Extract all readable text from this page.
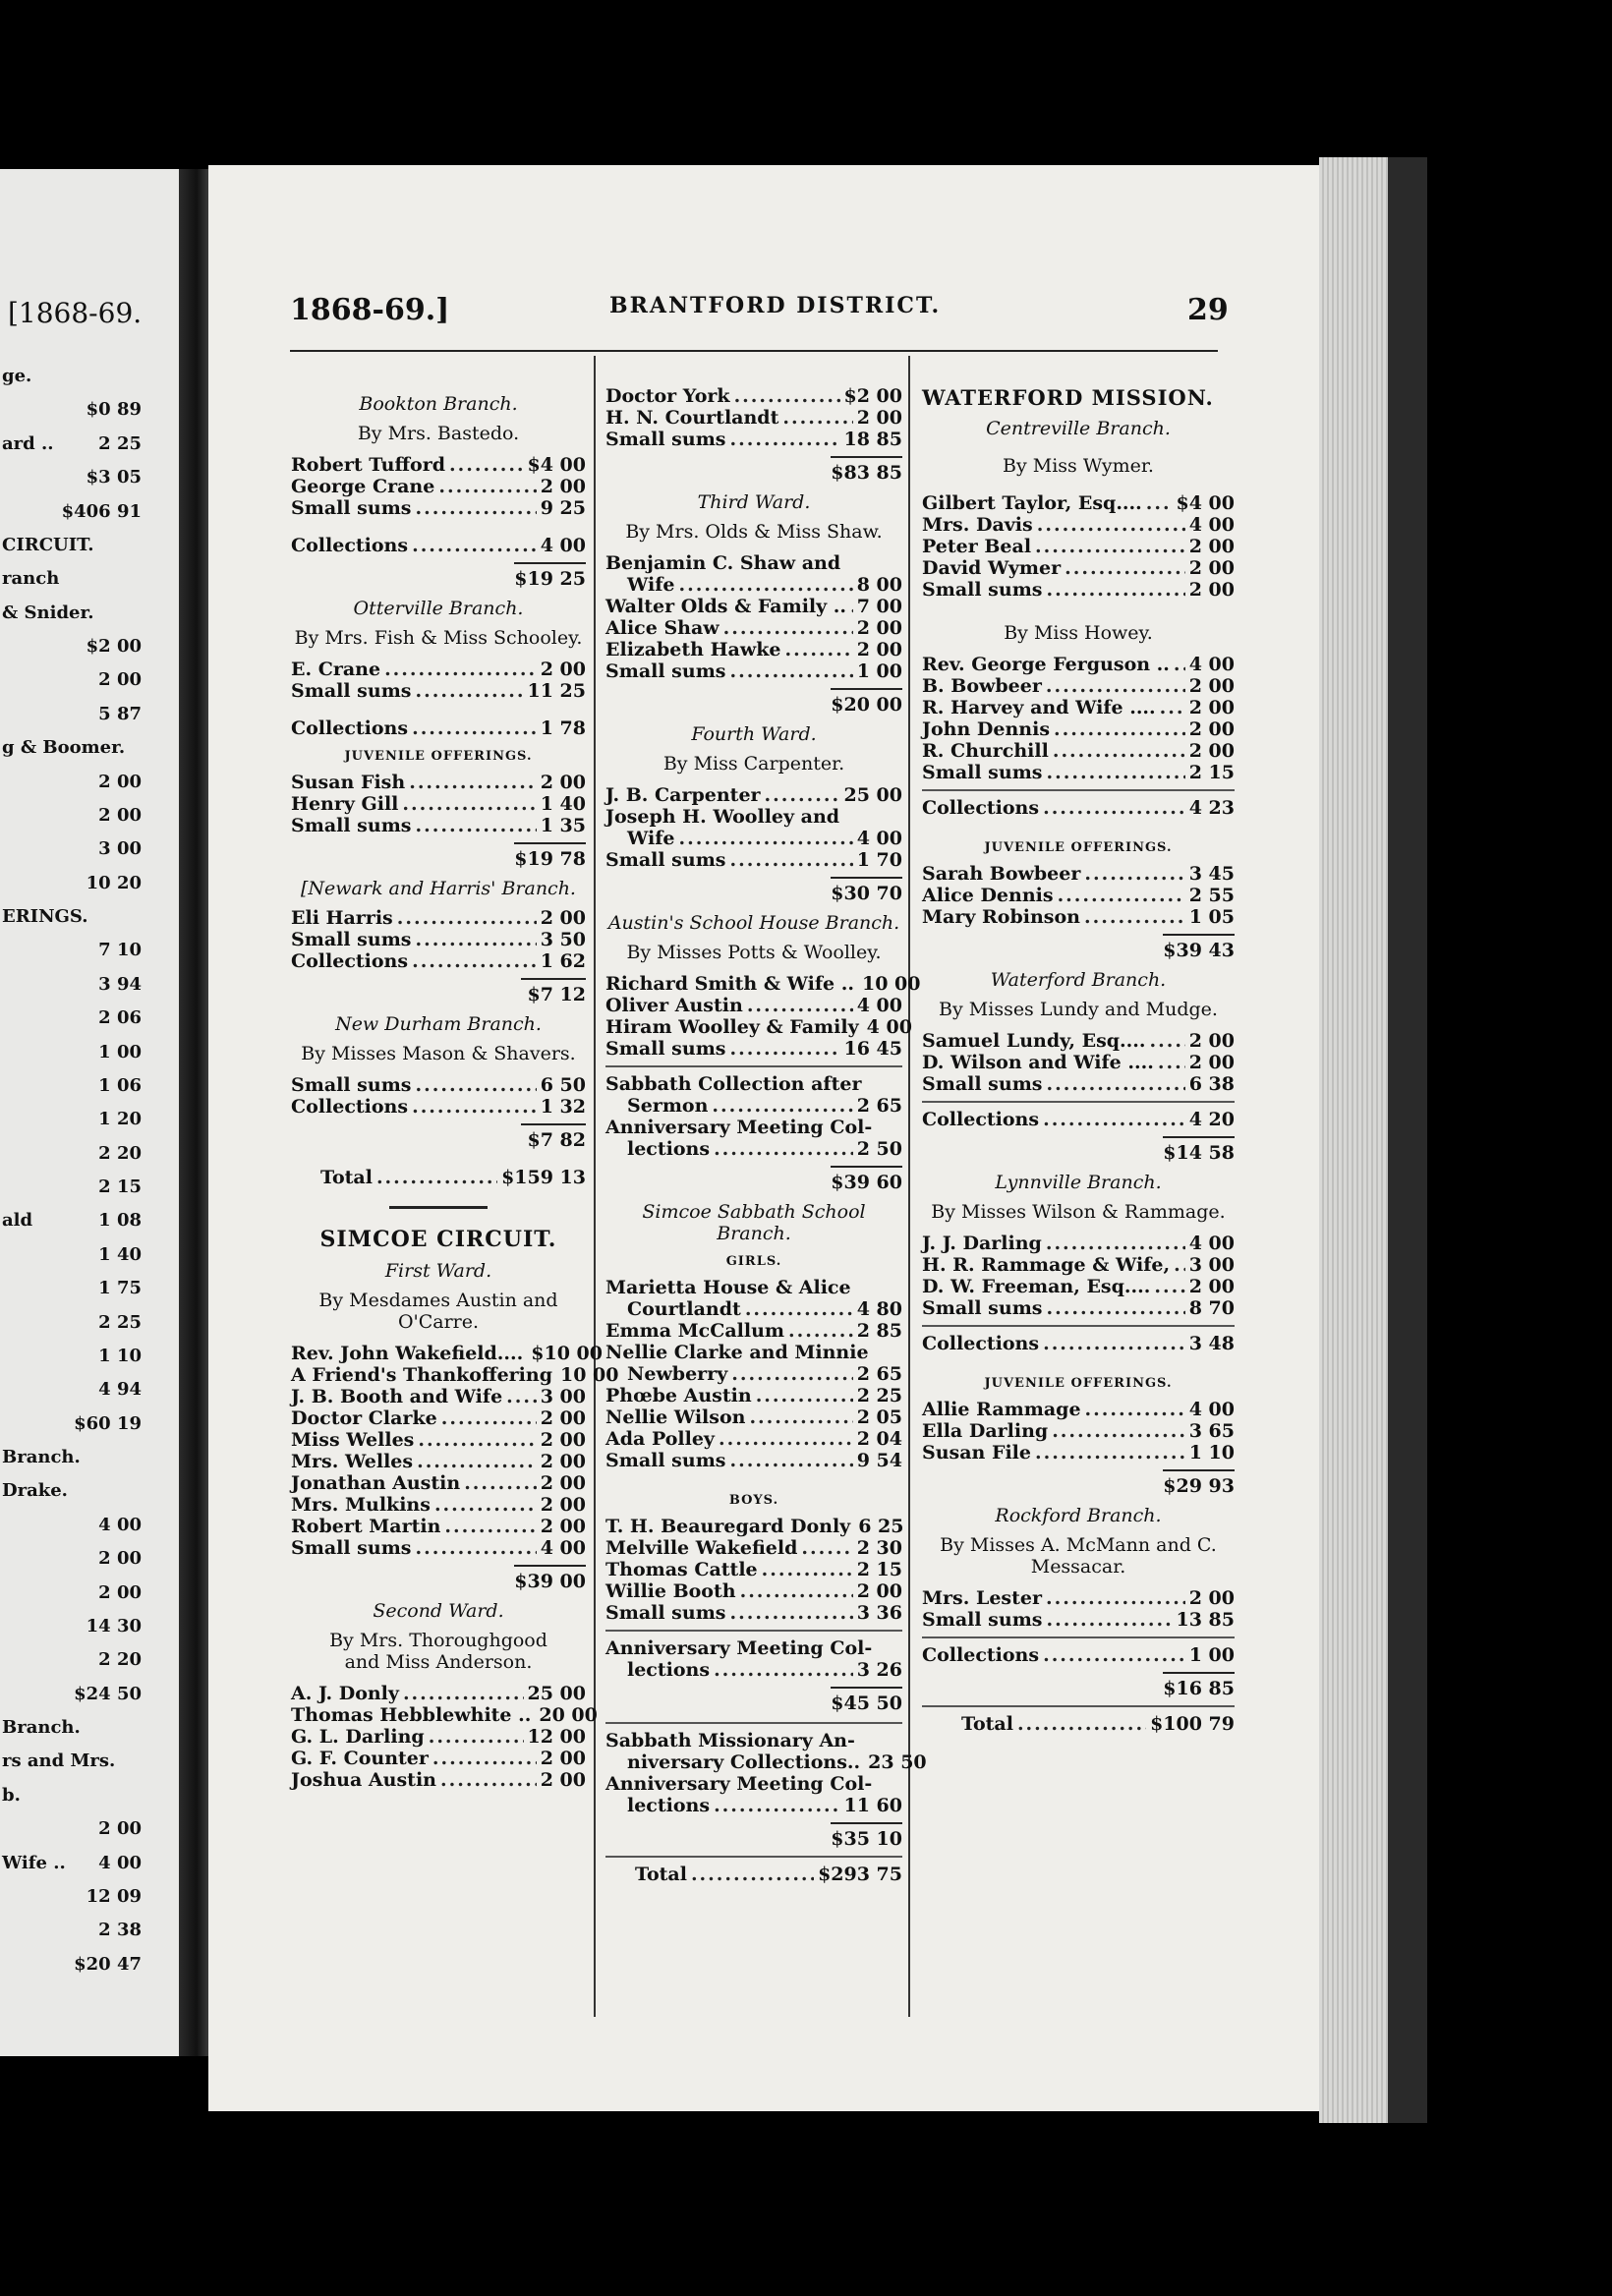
[1868-69.
ge.
$0 89
ard ..	2 25
$3 05
$406 91
CIRCUIT.
ranch
& Snider.
$2 00
2 00
5 87
g & Boomer.
2 00
2 00
3 00
10 20
ERINGS.
7 10
3 94
2 06
1 00
1 06
1 20
2 20
2 15
ald	1 08
1 40
1 75
2 25
1 10
4 94
$60 19
Branch.
Drake.
4 00
2 00
2 00
14 30
2 20
$24 50
Branch.
rs and Mrs.
b.
2 00
Wife .. 4 00
12 09
2 38
$20 47
1868-69.]	BRANTFORD DISTRICT.	29
Bookton Branch.
By Mrs. Bastedo.
Robert Tufford .....	$4 00
George Crane .....	2 00
Small sums .....	9 25
Collections .....	4 00
$19 25
Otterville Branch.
By Mrs. Fish & Miss Schooley.
E. Crane .....	2 00
Small sums .....	11 25
Collections .....	1 78
JUVENILE OFFERINGS.
Susan Fish .....	2 00
Henry Gill .....	1 40
Small sums .....	1 35
$19 78
[Newark and Harris' Branch.
Eli Harris .....	2 00
Small sums .....	3 50
Collections .....	1 62
$7 12
New Durham Branch.
By Misses Mason & Shavers.
Small sums .....	6 50
Collections .....	1 32
$7 82
Total .....	$159 13
SIMCOE CIRCUIT.
First Ward.
By Mesdames Austin and O'Carre.
Rev. John Wakefield.... $10 00
A Friend's Thankoffering 10 00
J. B. Booth and Wife ..... 3 00
Doctor Clarke .....	2 00
Miss Welles .....	2 00
Mrs. Welles .....	2 00
Jonathan Austin .....	2 00
Mrs. Mulkins .....	2 00
Robert Martin .....	2 00
Small sums .....	4 00
$39 00
Second Ward.
By Mrs. Thoroughgood and Miss Anderson.
A. J. Donly .....	25 00
Thomas Hebblewhite .. 20 00
G. L. Darling .....	12 00
G. F. Counter .....	2 00
Joshua Austin .....	2 00
Doctor York .....	$2 00
H. N. Courtlandt .....	2 00
Small sums .....	18 85
$83 85
Third Ward.
By Mrs. Olds & Miss Shaw.
Benjamin C. Shaw and
Wife .....	8 00
Walter Olds & Family .. ..... 7 00
Alice Shaw .....	2 00
Elizabeth Hawke .....	2 00
Small sums .....	1 00
$20 00
Fourth Ward.
By Miss Carpenter.
J. B. Carpenter .....	25 00
Joseph H. Woolley and
Wife .....	4 00
Small sums .....	1 70
$30 70
Austin's School House Branch.
By Misses Potts & Woolley.
Richard Smith & Wife .. 10 00
Oliver Austin .....	4 00
Hiram Woolley & Family 4 00
Small sums .....	16 45
Sabbath Collection after
Sermon .....	2 65
Anniversary Meeting Col-
lections .....	2 50
$39 60
Simcoe Sabbath School Branch.
GIRLS.
Marietta House & Alice
Courtlandt .....	4 80
Emma McCallum .....	2 85
Nellie Clarke and Minnie
Newberry .....	2 65
Phœbe Austin .....	2 25
Nellie Wilson .....	2 05
Ada Polley .....	2 04
Small sums .....	9 54
BOYS.
T. H. Beauregard Donly 6 25
Melville Wakefield .....	2 30
Thomas Cattle .....	2 15
Willie Booth .....	2 00
Small sums .....	3 36
Anniversary Meeting Col-
lections .....	3 26
$45 50
Sabbath Missionary An-
niversary Collections.. 23 50
Anniversary Meeting Col-
lections .....	11 60
$35 10
Total .....	$293 75
WATERFORD MISSION.
Centreville Branch.
By Miss Wymer.
Gilbert Taylor, Esq.... ..... $4 00
Mrs. Davis .....	4 00
Peter Beal .....	2 00
David Wymer .....	2 00
Small sums .....	2 00
By Miss Howey.
Rev. George Ferguson .. ..... 4 00
B. Bowbeer .....	2 00
R. Harvey and Wife .... ..... 2 00
John Dennis .....	2 00
R. Churchill .....	2 00
Small sums .....	2 15
Collections .....	4 23
JUVENILE OFFERINGS.
Sarah Bowbeer .....	3 45
Alice Dennis .....	2 55
Mary Robinson .....	1 05
$39 43
Waterford Branch.
By Misses Lundy and Mudge.
Samuel Lundy, Esq.... ..... 2 00
D. Wilson and Wife .... ..... 2 00
Small sums .....	6 38
Collections .....	4 20
$14 58
Lynnville Branch.
By Misses Wilson & Rammage.
J. J. Darling .....	4 00
H. R. Rammage & Wife, ..... 3 00
D. W. Freeman, Esq.... ..... 2 00
Small sums .....	8 70
Collections .....	3 48
JUVENILE OFFERINGS.
Allie Rammage .....	4 00
Ella Darling .....	3 65
Susan File .....	1 10
$29 93
Rockford Branch.
By Misses A. McMann and C. Messacar.
Mrs. Lester .....	2 00
Small sums .....	13 85
Collections .....	1 00
$16 85
Total .....	$100 79
